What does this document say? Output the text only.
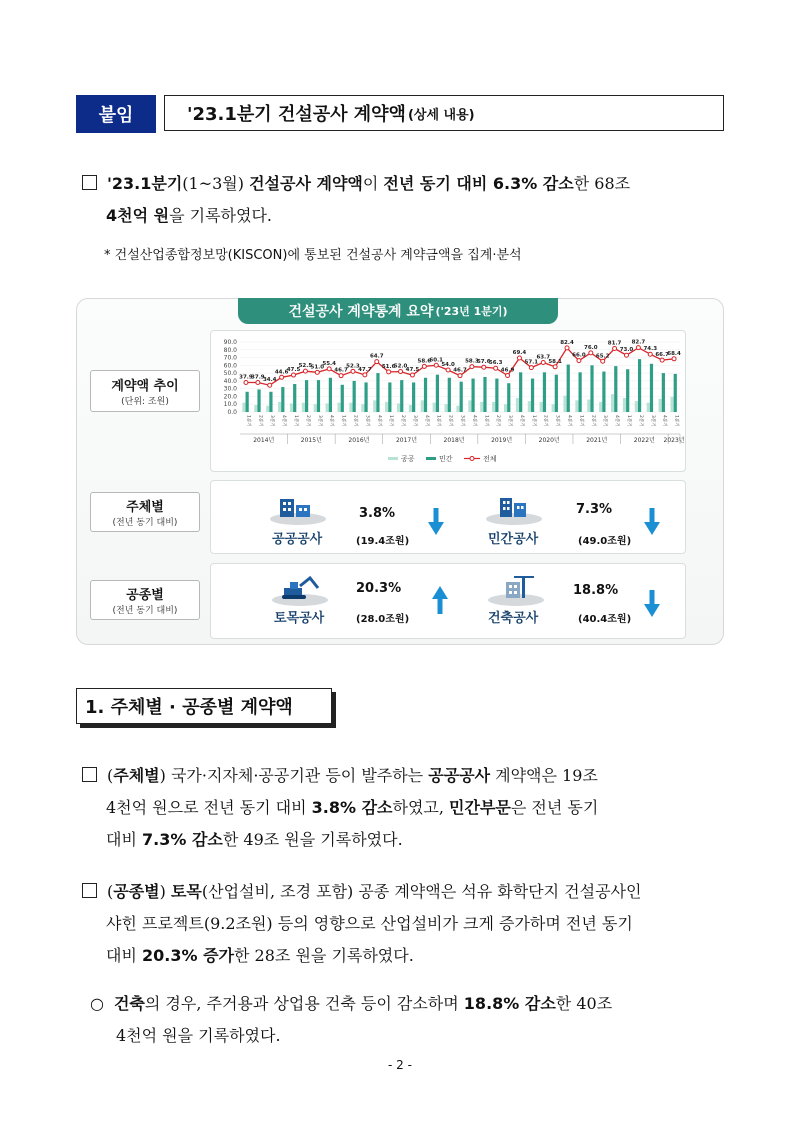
붙임	'23.1분기 건설공사 계약액 (상세 내용)
'23.1분기(1~3월) 건설공사 계약액이 전년 동기 대비 6.3% 감소한 68조
4천억 원을 기록하였다.
* 건설산업종합정보망(KISCON)에 통보된 건설공사 계약금액을 집계·분석
건설공사 계약통계 요약 ('23년 1분기)
계약액 추이
(단위: 조원)
37.9
37.9
34.4
44.6
47.5
52.5
51.0
55.4
46.7
52.3
47.7
64.7
51.6
52.0
47.5
58.6
60.1
54.0
46.7
58.3
57.6
56.3
46.9
69.4
57.1
63.7
58.1
82.4
66.0
76.0
65.2
81.7
73.0
82.7
74.3
66.7
68.4
0.0
10.0
20.0
30.0
40.0
50.0
60.0
70.0
80.0
90.0
1분기	2분기	3분기	4분기	1분기	2분기	3분기	4분기	1분기	2분기	3분기	4분기	1분기	2분기	3분기	4분기	1분기	2분기	3분기	4분기	1분기	2분기	3분기	4분기	1분기	2분기	3분기	4분기	1분기	2분기	3분기	4분기	1분기	2분기	3분기	4분기	1분기
2014년	2015년	2016년	2017년	2018년	2019년	2020년	2021년	2022년 2023년
공공	민간	전체
주체별
(전년 동기 대비)
공공공사
3.8%
(19.4조원)	민간공사
7.3%
(49.0조원)
공종별
(전년 동기 대비)	토목공사
20.3%
(28.0조원)	건축공사
18.8%
(40.4조원)
1. 주체별 · 공종별 계약액
(주체별) 국가·지자체·공공기관 등이 발주하는 공공공사 계약액은 19조
4천억 원으로 전년 동기 대비 3.8% 감소하였고, 민간부문은 전년 동기
대비 7.3% 감소한 49조 원을 기록하였다.
(공종별) 토목(산업설비, 조경 포함) 공종 계약액은 석유 화학단지 건설공사인
샤힌 프로젝트(9.2조원) 등의 영향으로 산업설비가 크게 증가하며 전년 동기
대비 20.3% 증가한 28조 원을 기록하였다.
○ 건축의 경우, 주거용과 상업용 건축 등이 감소하며 18.8% 감소한 40조
4천억 원을 기록하였다.
- 2 -
